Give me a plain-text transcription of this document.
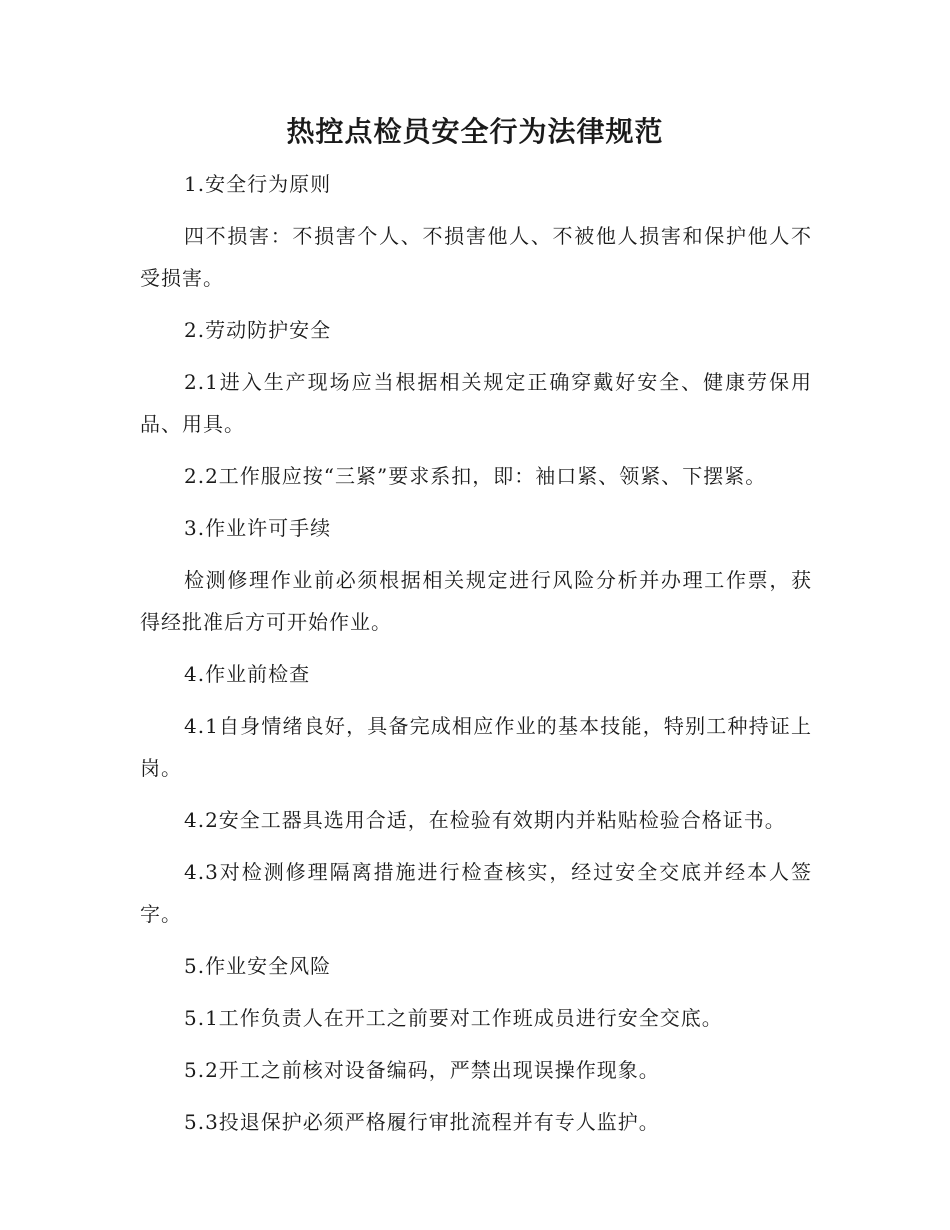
热控点检员安全行为法律规范

1.安全行为原则

四不损害：不损害个人、不损害他人、不被他人损害和保护他人不受损害。

2.劳动防护安全

2.1进入生产现场应当根据相关规定正确穿戴好安全、健康劳保用品、用具。

2.2工作服应按“三紧”要求系扣，即：袖口紧、领紧、下摆紧。

3.作业许可手续

检测修理作业前必须根据相关规定进行风险分析并办理工作票，获得经批准后方可开始作业。

4.作业前检查

4.1自身情绪良好，具备完成相应作业的基本技能，特别工种持证上岗。

4.2安全工器具选用合适，在检验有效期内并粘贴检验合格证书。

4.3对检测修理隔离措施进行检查核实，经过安全交底并经本人签字。

5.作业安全风险

5.1工作负责人在开工之前要对工作班成员进行安全交底。

5.2开工之前核对设备编码，严禁出现误操作现象。

5.3投退保护必须严格履行审批流程并有专人监护。
